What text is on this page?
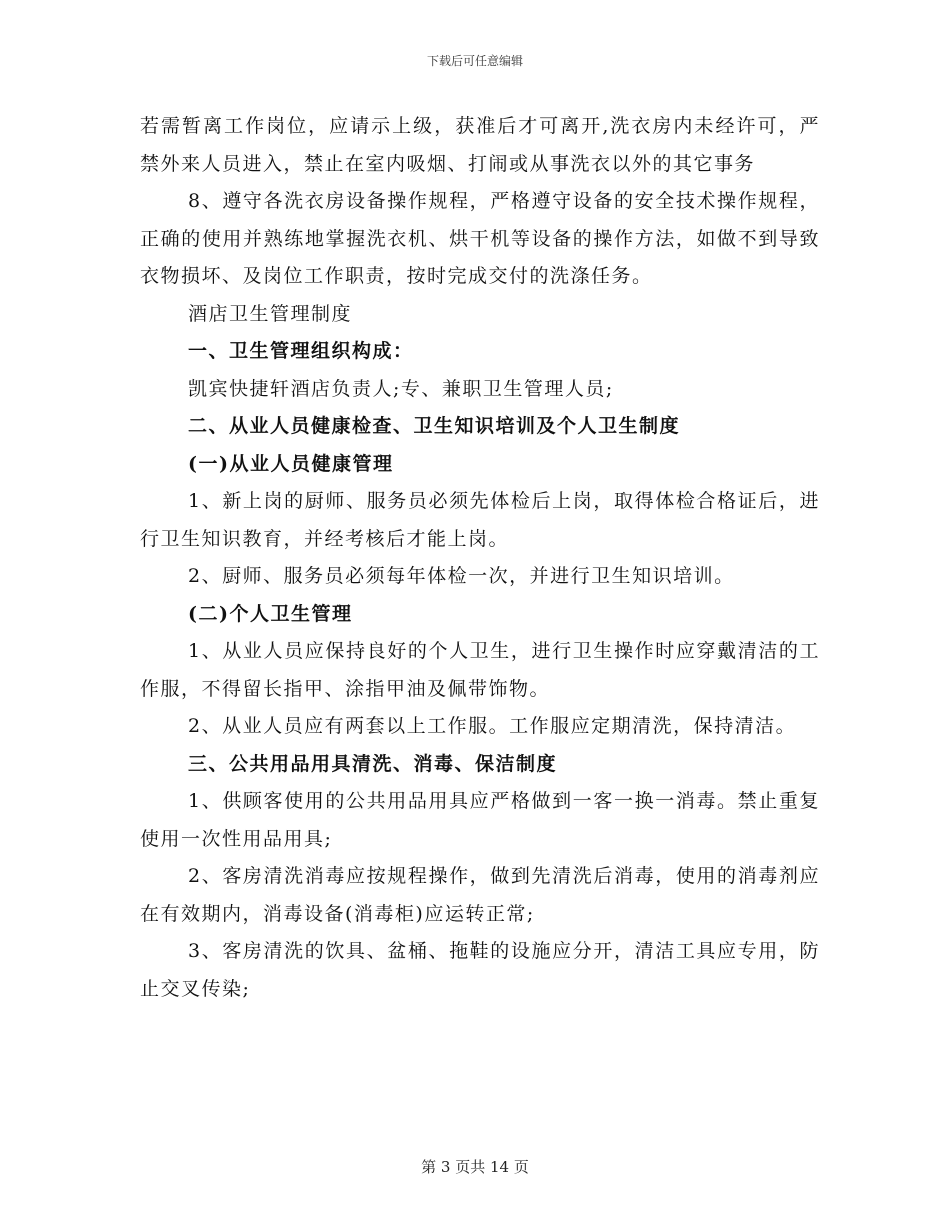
下载后可任意编辑

若需暂离工作岗位，应请示上级，获准后才可离开,洗衣房内未经许可，严禁外来人员进入，禁止在室内吸烟、打闹或从事洗衣以外的其它事务

8、遵守各洗衣房设备操作规程，严格遵守设备的安全技术操作规程，正确的使用并熟练地掌握洗衣机、烘干机等设备的操作方法，如做不到导致衣物损坏、及岗位工作职责，按时完成交付的洗涤任务。

酒店卫生管理制度

一、卫生管理组织构成：

凯宾快捷轩酒店负责人;专、兼职卫生管理人员;

二、从业人员健康检查、卫生知识培训及个人卫生制度

(一)从业人员健康管理

1、新上岗的厨师、服务员必须先体检后上岗，取得体检合格证后，进行卫生知识教育，并经考核后才能上岗。

2、厨师、服务员必须每年体检一次，并进行卫生知识培训。

(二)个人卫生管理

1、从业人员应保持良好的个人卫生，进行卫生操作时应穿戴清洁的工作服，不得留长指甲、涂指甲油及佩带饰物。

2、从业人员应有两套以上工作服。工作服应定期清洗，保持清洁。

三、公共用品用具清洗、消毒、保洁制度

1、供顾客使用的公共用品用具应严格做到一客一换一消毒。禁止重复使用一次性用品用具;

2、客房清洗消毒应按规程操作，做到先清洗后消毒，使用的消毒剂应在有效期内，消毒设备(消毒柜)应运转正常;

3、客房清洗的饮具、盆桶、拖鞋的设施应分开，清洁工具应专用，防止交叉传染;

第 3 页共 14 页
